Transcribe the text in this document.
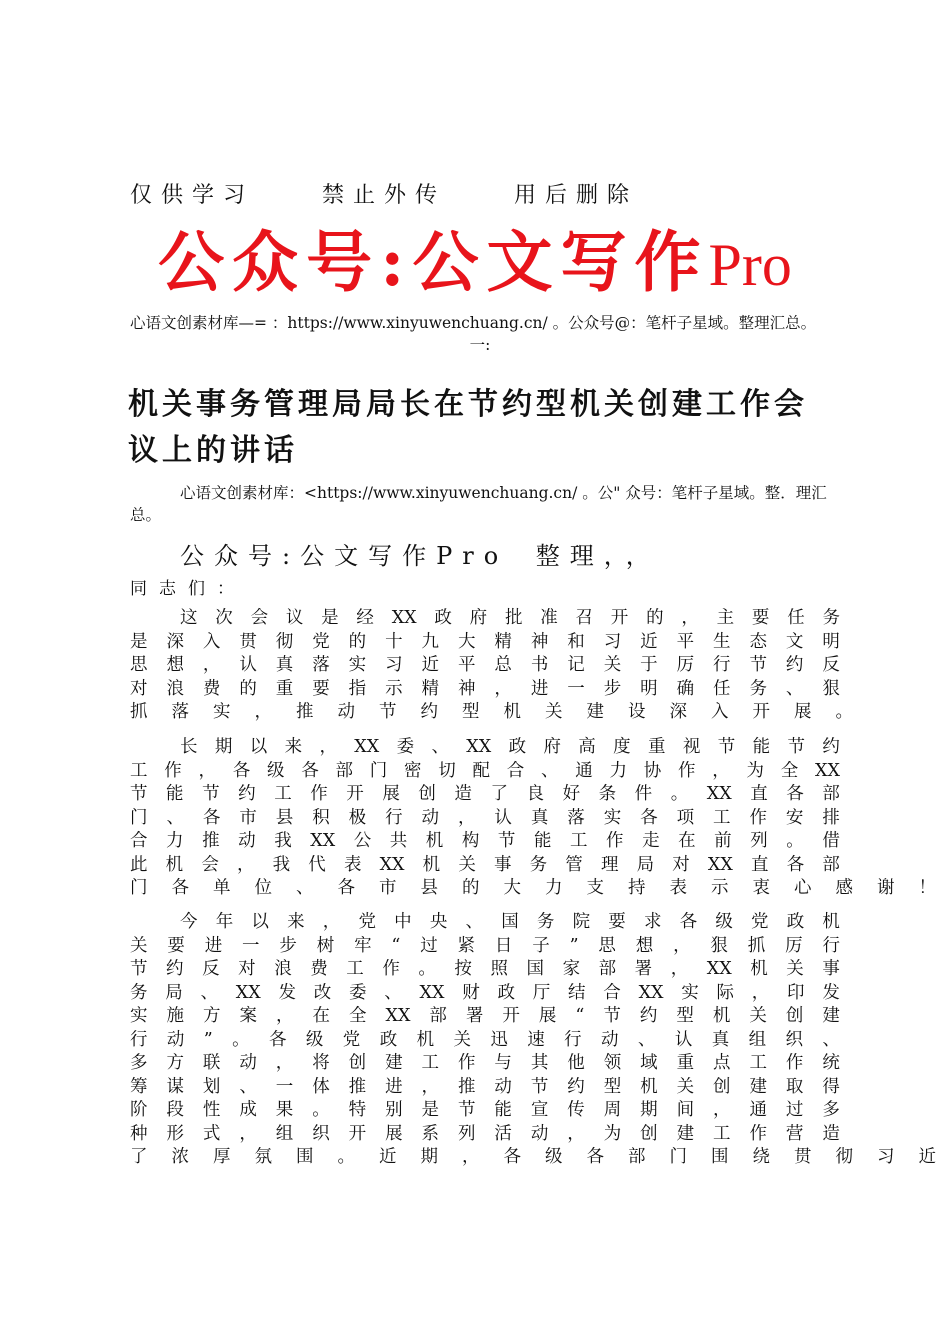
仅供学习  禁止外传  用后删除
公众号:公文写作Pro
心语文创素材库—= ：https://www.xinyuwenchuang.cn/ 。公众号@：笔杆子星域。整理汇总。
一:
机关事务管理局局长在节约型机关创建工作会议上的讲话
心语文创素材库：<https://www.xinyuwenchuang.cn/ 。公" 众号：笔杆子星域。整．理汇
总。
公众号:公文写作Pro 整理，，
同志们：
这 次 会 议 是 经 XX 政 府 批 准 召 开 的 ， 主 要 任 务
是 深 入 贯 彻 党 的 十 九 大 精 神 和 习 近 平 生 态 文 明
思 想 ， 认 真 落 实 习 近 平 总 书 记 关 于 厉 行 节 约 反
对 浪 费 的 重 要 指 示 精 神 ， 进 一 步 明 确 任 务 、 狠
抓 落 实 ， 推 动 节 约 型 机 关 建 设 深 入 开 展 。
长 期 以 来 ， XX 委 、 XX 政 府 高 度 重 视 节 能 节 约
工 作 ， 各 级 各 部 门 密 切 配 合 、 通 力 协 作 ， 为 全 XX
节 能 节 约 工 作 开 展 创 造 了 良 好 条 件 。 XX 直 各 部
门 、 各 市 县 积 极 行 动 ， 认 真 落 实 各 项 工 作 安 排
合 力 推 动 我 XX 公 共 机 构 节 能 工 作 走 在 前 列 。 借
此 机 会 ， 我 代 表 XX 机 关 事 务 管 理 局 对 XX 直 各 部
门 各 单 位 、 各 市 县 的 大 力 支 持 表 示 衷 心 感 谢 ！
今 年 以 来 ， 党 中 央 、 国 务 院 要 求 各 级 党 政 机
关 要 进 一 步 树 牢 “ 过 紧 日 子 ” 思 想 ， 狠 抓 厉 行
节 约 反 对 浪 费 工 作 。 按 照 国 家 部 署 ， XX 机 关 事
务 局 、 XX 发 改 委 、 XX 财 政 厅 结 合 XX 实 际 ， 印 发
实 施 方 案 ， 在 全 XX 部 署 开 展 “ 节 约 型 机 关 创 建
行 动 ” 。 各 级 党 政 机 关 迅 速 行 动 、 认 真 组 织 、
多 方 联 动 ， 将 创 建 工 作 与 其 他 领 域 重 点 工 作 统
筹 谋 划 、 一 体 推 进 ， 推 动 节 约 型 机 关 创 建 取 得
阶 段 性 成 果 。 特 别 是 节 能 宣 传 周 期 间 ， 通 过 多
种 形 式 ， 组 织 开 展 系 列 活 动 ， 为 创 建 工 作 营 造
了 浓 厚 氛 围 。 近 期 ， 各 级 各 部 门 围 绕 贯 彻 习 近
